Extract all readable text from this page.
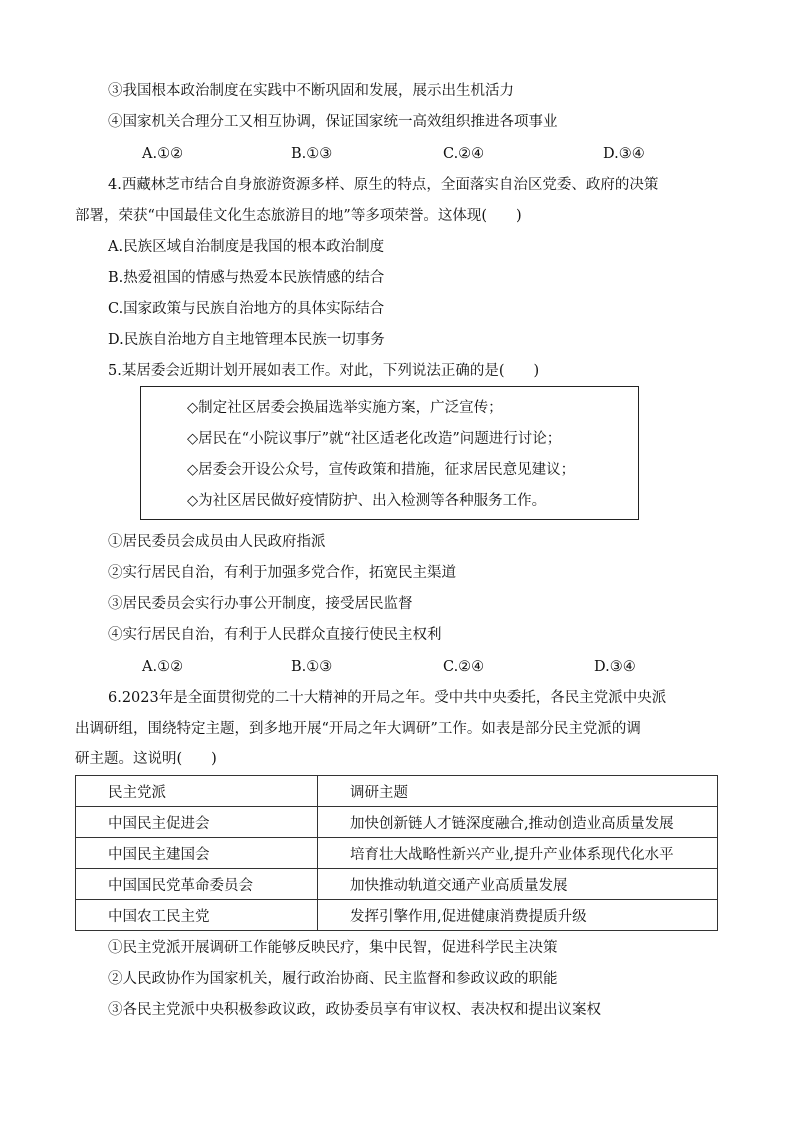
③我国根本政治制度在实践中不断巩固和发展，展示出生机活力
④国家机关合理分工又相互协调，保证国家统一高效组织推进各项事业
A.①②	B.①③	C.②④	D.③④
4.西藏林芝市结合自身旅游资源多样、原生的特点，全面落实自治区党委、政府的决策
部署，荣获“中国最佳文化生态旅游目的地”等多项荣誉。这体现(　　)
A.民族区域自治制度是我国的根本政治制度
B.热爱祖国的情感与热爱本民族情感的结合
C.国家政策与民族自治地方的具体实际结合
D.民族自治地方自主地管理本民族一切事务
5.某居委会近期计划开展如表工作。对此，下列说法正确的是(　　)
◇制定社区居委会换届选举实施方案，广泛宣传；
◇居民在“小院议事厅”就“社区适老化改造”问题进行讨论；
◇居委会开设公众号，宣传政策和措施，征求居民意见建议；
◇为社区居民做好疫情防护、出入检测等各种服务工作。
①居民委员会成员由人民政府指派
②实行居民自治，有利于加强多党合作，拓宽民主渠道
③居民委员会实行办事公开制度，接受居民监督
④实行居民自治，有利于人民群众直接行使民主权利
A.①②	B.①③	C.②④	D.③④
6.2023年是全面贯彻党的二十大精神的开局之年。受中共中央委托，各民主党派中央派
出调研组，围绕特定主题，到多地开展“开局之年大调研”工作。如表是部分民主党派的调
研主题。这说明(　　)
民主党派	调研主题
中国民主促进会	加快创新链人才链深度融合,推动创造业高质量发展
中国民主建国会	培育壮大战略性新兴产业,提升产业体系现代化水平
中国国民党革命委员会	加快推动轨道交通产业高质量发展
中国农工民主党	发挥引擎作用,促进健康消费提质升级
①民主党派开展调研工作能够反映民疗，集中民智，促进科学民主决策
②人民政协作为国家机关，履行政治协商、民主监督和参政议政的职能
③各民主党派中央积极参政议政，政协委员享有审议权、表决权和提出议案权
